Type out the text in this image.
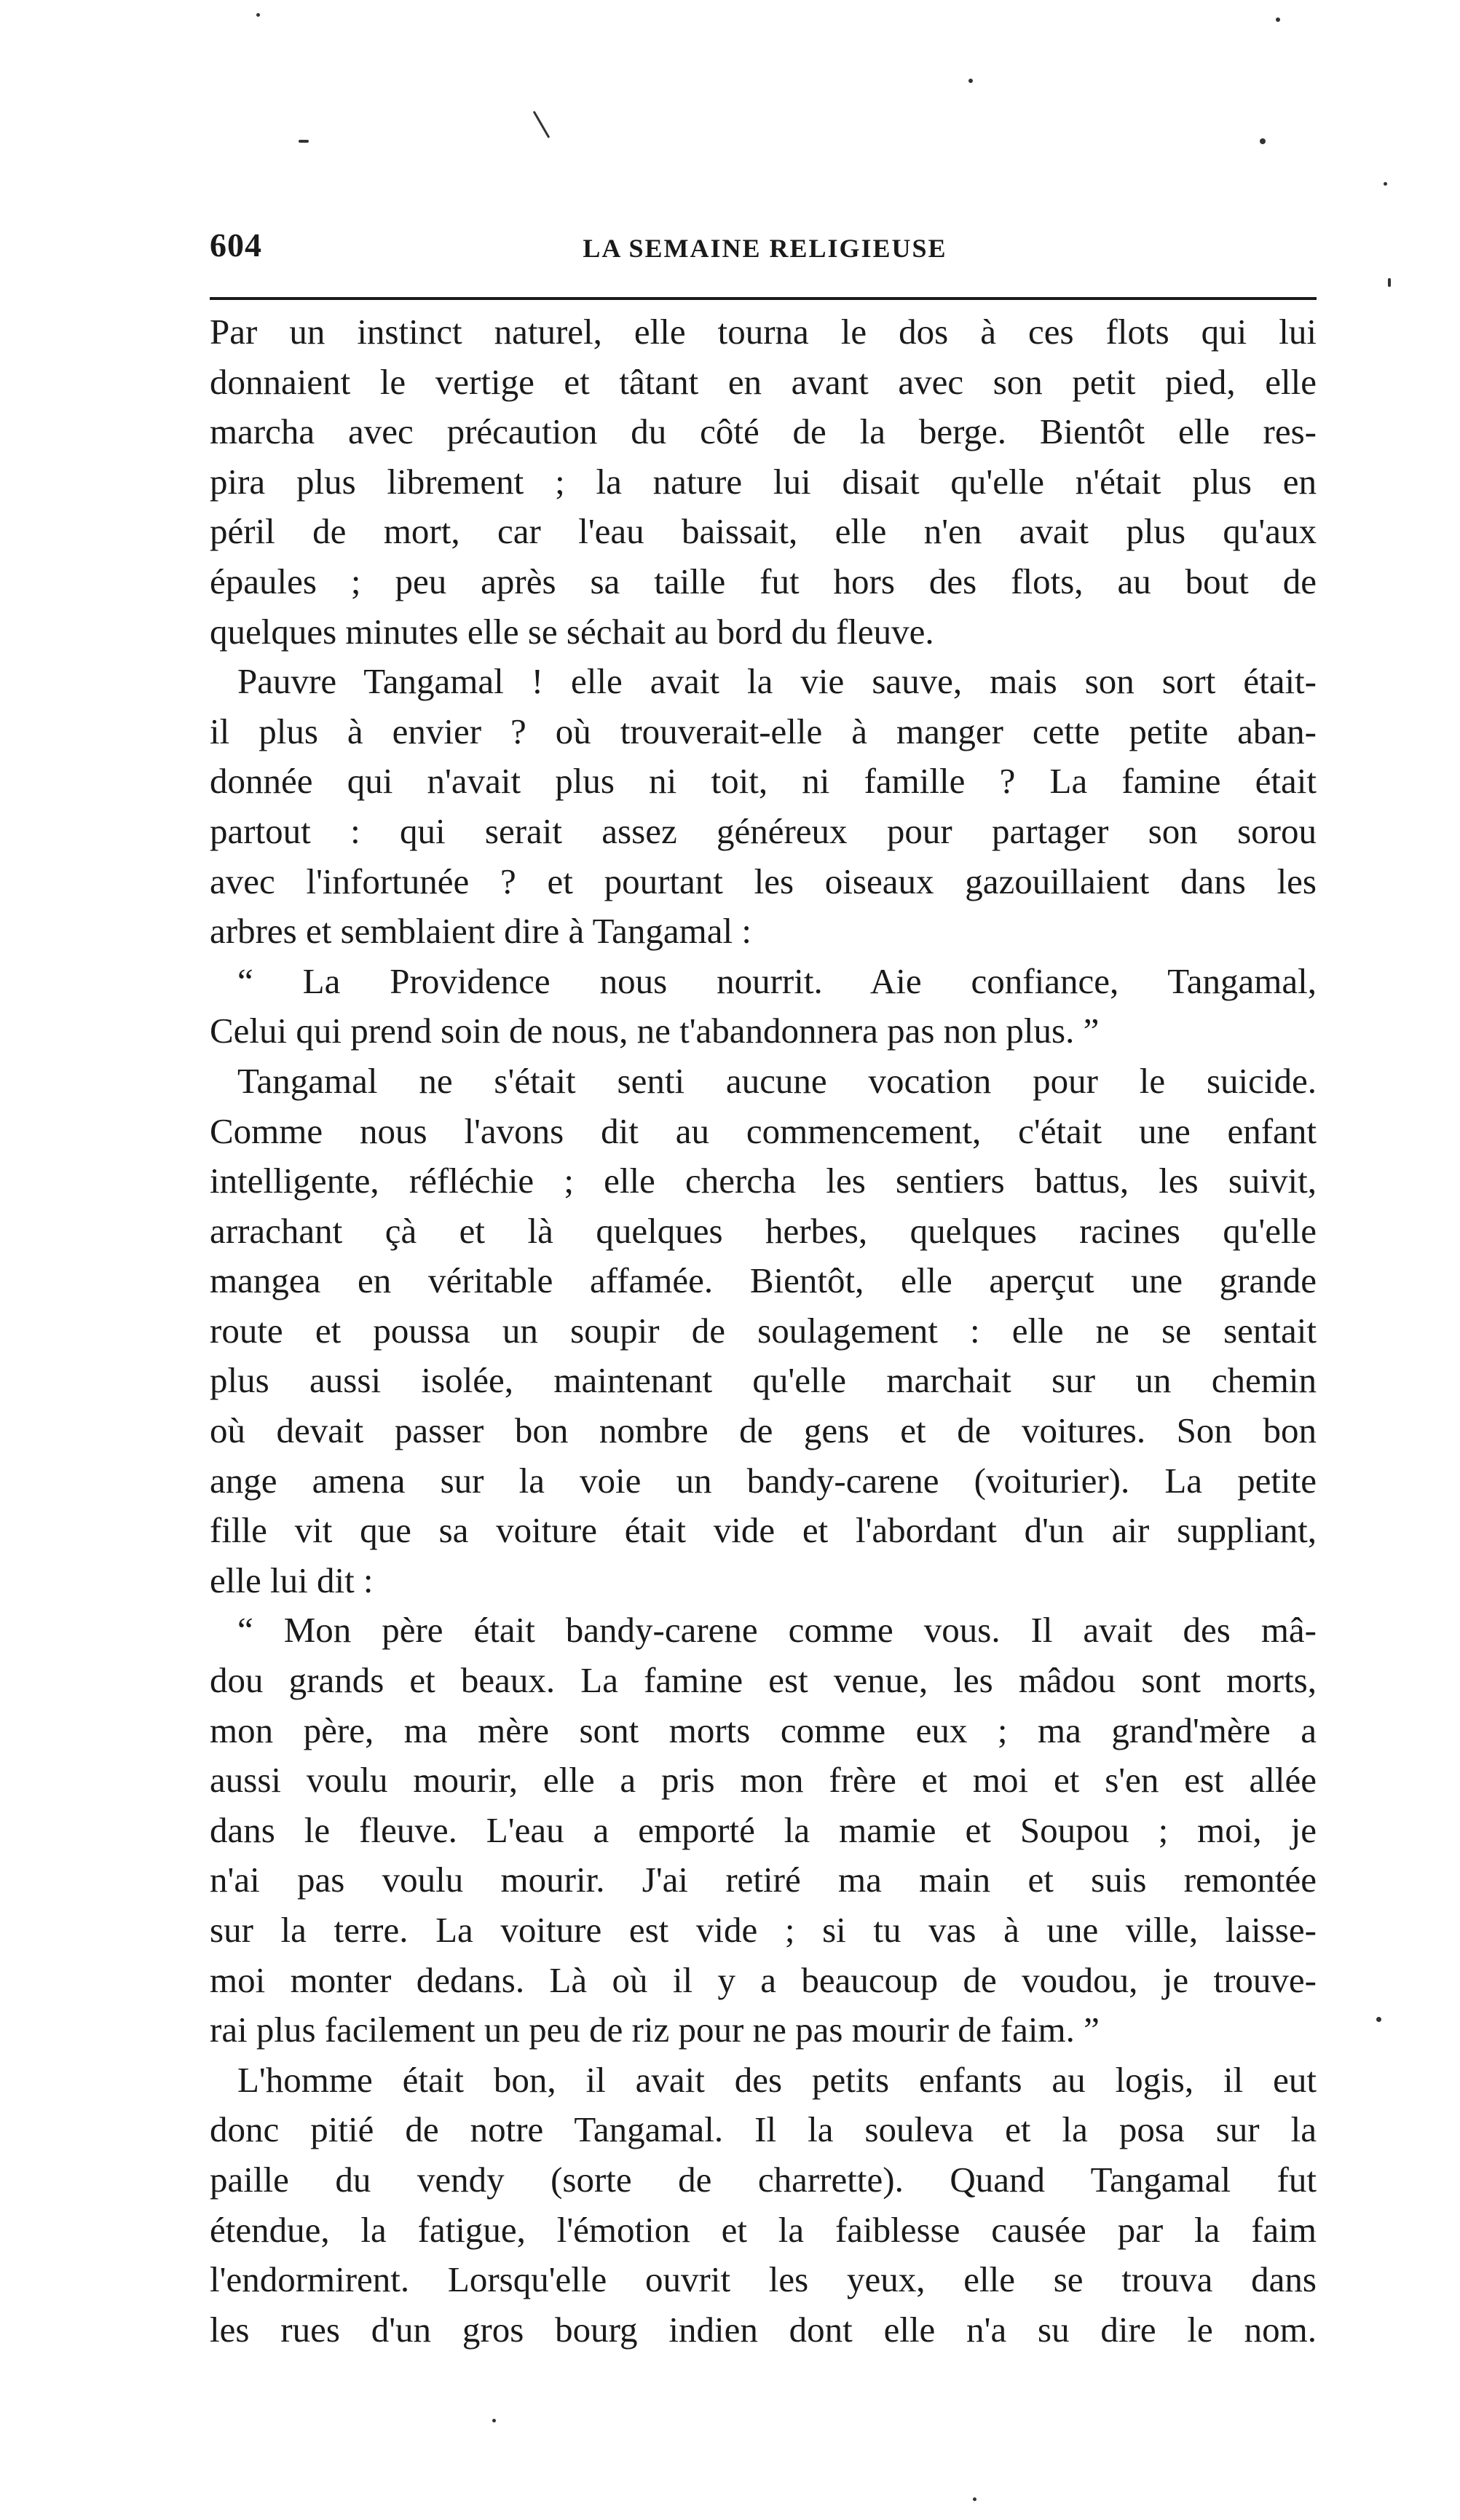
604	LA SEMAINE RELIGIEUSE
Par un instinct naturel, elle tourna le dos à ces flots qui lui
donnaient le vertige et tâtant en avant avec son petit pied, elle
marcha avec précaution du côté de la berge. Bientôt elle res-
pira plus librement ; la nature lui disait qu'elle n'était plus en
péril de mort, car l'eau baissait, elle n'en avait plus qu'aux
épaules ; peu après sa taille fut hors des flots, au bout de
quelques minutes elle se séchait au bord du fleuve.
Pauvre Tangamal ! elle avait la vie sauve, mais son sort était-
il plus à envier ? où trouverait-elle à manger cette petite aban-
donnée qui n'avait plus ni toit, ni famille ? La famine était
partout : qui serait assez généreux pour partager son sorou
avec l'infortunée ? et pourtant les oiseaux gazouillaient dans les
arbres et semblaient dire à Tangamal :
“ La Providence nous nourrit. Aie confiance, Tangamal,
Celui qui prend soin de nous, ne t'abandonnera pas non plus. ”
Tangamal ne s'était senti aucune vocation pour le suicide.
Comme nous l'avons dit au commencement, c'était une enfant
intelligente, réfléchie ; elle chercha les sentiers battus, les suivit,
arrachant çà et là quelques herbes, quelques racines qu'elle
mangea en véritable affamée. Bientôt, elle aperçut une grande
route et poussa un soupir de soulagement : elle ne se sentait
plus aussi isolée, maintenant qu'elle marchait sur un chemin
où devait passer bon nombre de gens et de voitures. Son bon
ange amena sur la voie un bandy-carene (voiturier). La petite
fille vit que sa voiture était vide et l'abordant d'un air suppliant,
elle lui dit :
“ Mon père était bandy-carene comme vous. Il avait des mâ-
dou grands et beaux. La famine est venue, les mâdou sont morts,
mon père, ma mère sont morts comme eux ; ma grand'mère a
aussi voulu mourir, elle a pris mon frère et moi et s'en est allée
dans le fleuve. L'eau a emporté la mamie et Soupou ; moi, je
n'ai pas voulu mourir. J'ai retiré ma main et suis remontée
sur la terre. La voiture est vide ; si tu vas à une ville, laisse-
moi monter dedans. Là où il y a beaucoup de voudou, je trouve-
rai plus facilement un peu de riz pour ne pas mourir de faim. ”
L'homme était bon, il avait des petits enfants au logis, il eut
donc pitié de notre Tangamal. Il la souleva et la posa sur la
paille du vendy (sorte de charrette). Quand Tangamal fut
étendue, la fatigue, l'émotion et la faiblesse causée par la faim
l'endormirent. Lorsqu'elle ouvrit les yeux, elle se trouva dans
les rues d'un gros bourg indien dont elle n'a su dire le nom.
